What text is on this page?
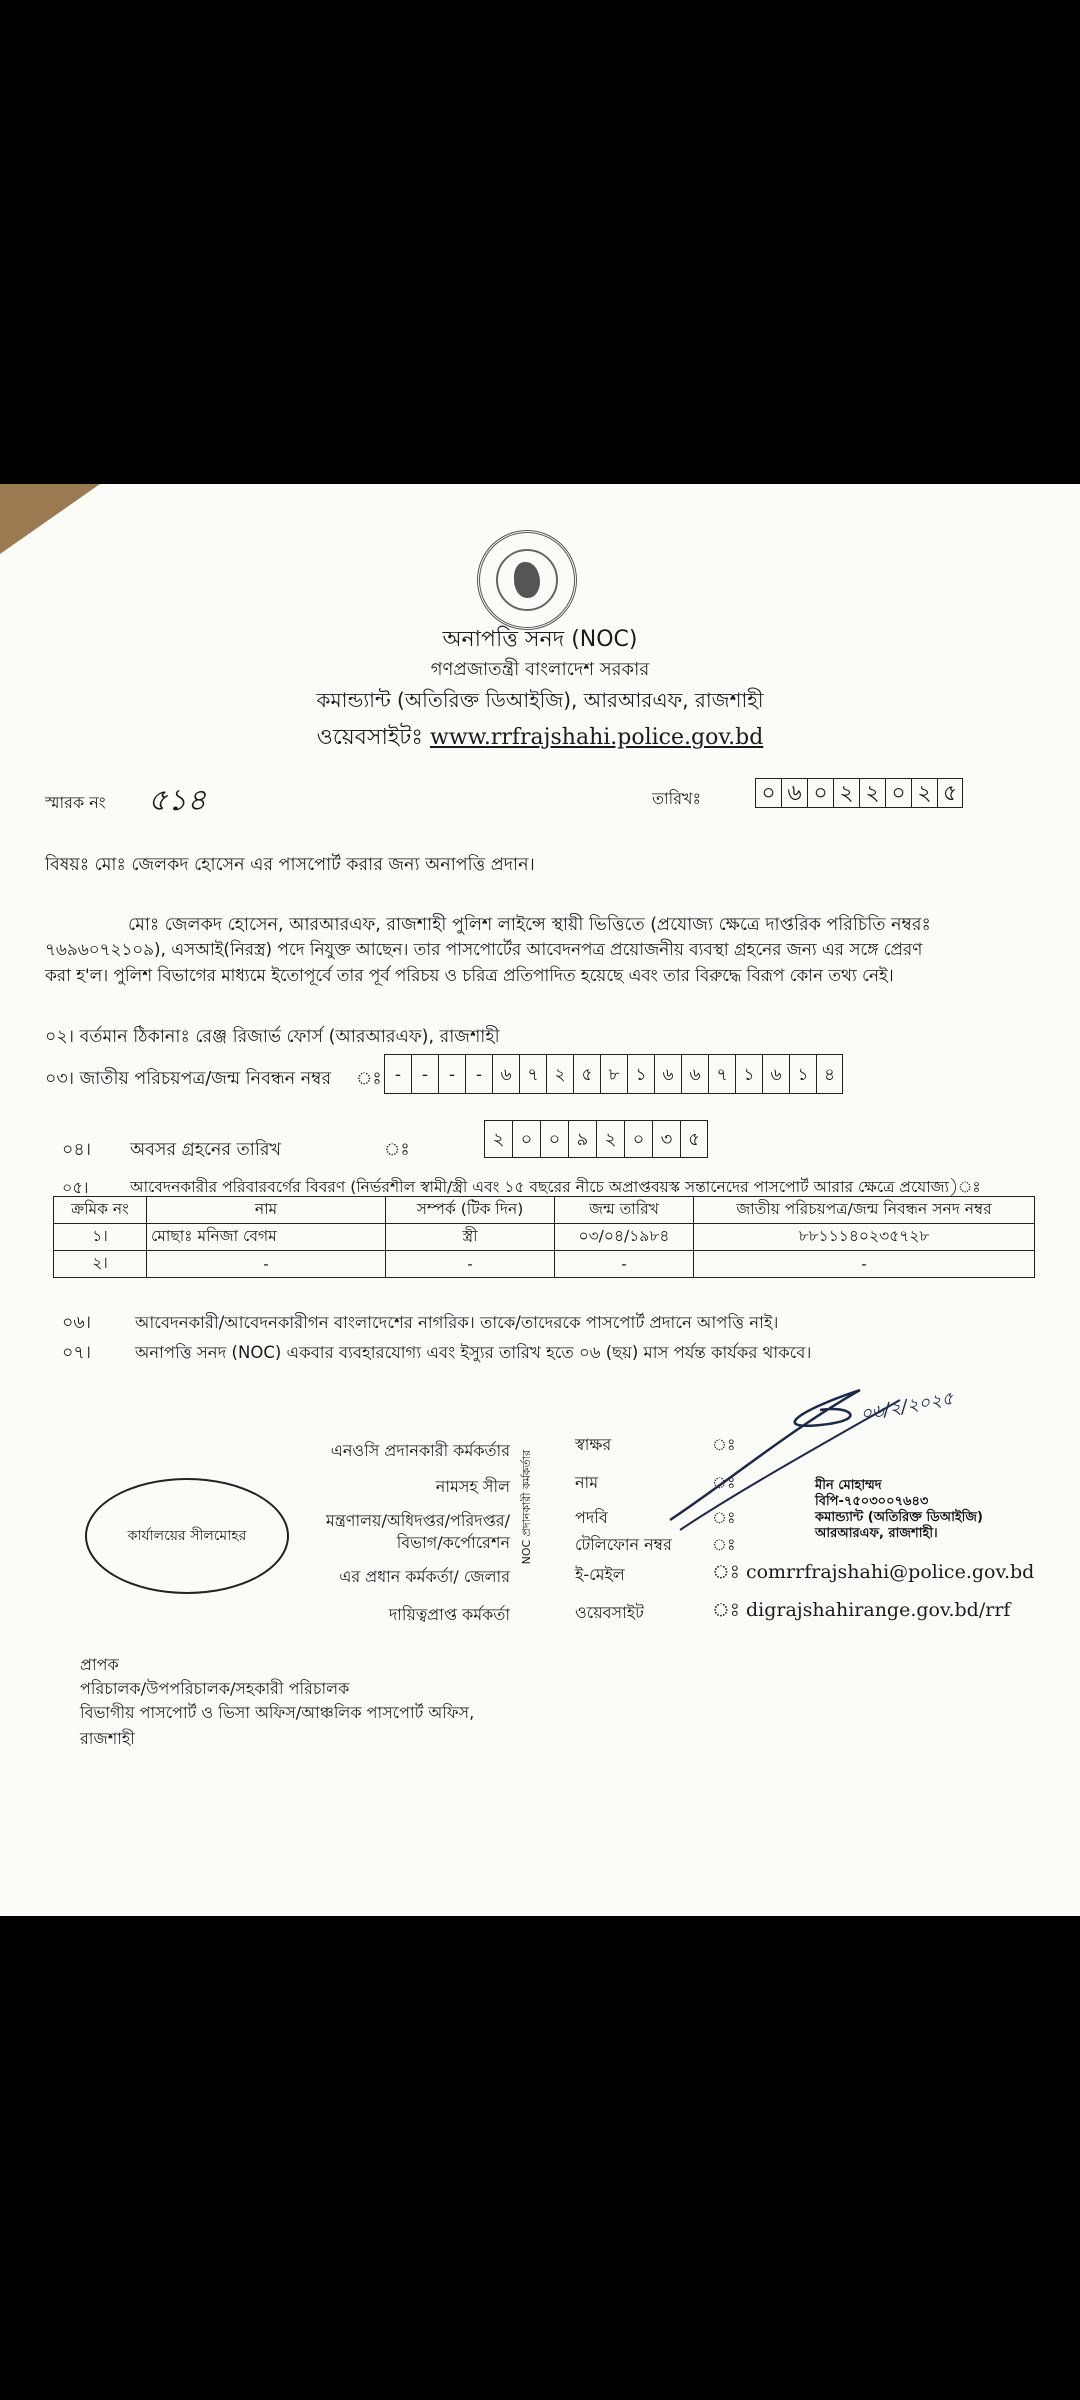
অনাপত্তি সনদ (NOC)
গণপ্রজাতন্ত্রী বাংলাদেশ সরকার
কমান্ড্যান্ট (অতিরিক্ত ডিআইজি), আরআরএফ, রাজশাহী
ওয়েবসাইটঃ www.rrfrajshahi.police.gov.bd
স্মারক নং ৫১৪	তারিখঃ	০ ৬ ০ ২ ২ ০ ২ ৫
বিষয়ঃ মোঃ জেলকদ হোসেন এর পাসপোর্ট করার জন্য অনাপত্তি প্রদান।
মোঃ জেলকদ হোসেন, আরআরএফ, রাজশাহী পুলিশ লাইন্সে স্থায়ী ভিত্তিতে (প্রযোজ্য ক্ষেত্রে দাপ্তরিক পরিচিতি নম্বরঃ
৭৬৯৬০৭২১০৯), এসআই(নিরস্ত্র) পদে নিযুক্ত আছেন। তার পাসপোর্টের আবেদনপত্র প্রয়োজনীয় ব্যবস্থা গ্রহনের জন্য এর সঙ্গে প্রেরণ
করা হ'ল। পুলিশ বিভাগের মাধ্যমে ইতোপূর্বে তার পূর্ব পরিচয় ও চরিত্র প্রতিপাদিত হয়েছে এবং তার বিরুদ্ধে বিরূপ কোন তথ্য নেই।
০২। বর্তমান ঠিকানাঃ রেঞ্জ রিজার্ভ ফোর্স (আরআরএফ), রাজশাহী
০৩। জাতীয় পরিচয়পত্র/জন্ম নিবন্ধন নম্বর ঃ -	-	-	-	৬ ৭ ২ ৫ ৮ ১ ৬ ৬ ৭ ১ ৬ ১ ৪
০৪। অবসর গ্রহনের তারিখ	ঃ	২ ০ ০ ৯ ২ ০ ৩ ৫
০৫।	আবেদনকারীর পরিবারবর্গের বিবরণ (নির্ভরশীল স্বামী/স্ত্রী এবং ১৫ বছরের নীচে অপ্রাপ্তবয়স্ক সন্তানেদের পাসপোর্ট আরার ক্ষেত্রে প্রযোজ্য)ঃ
ক্রমিক নং	নাম	সম্পর্ক (টিক দিন)	জন্ম তারিখ	জাতীয় পরিচয়পত্র/জন্ম নিবন্ধন সনদ নম্বর
১।	মোছাঃ মনিজা বেগম	স্ত্রী	০৩/০৪/১৯৮৪	৮৮১১১৪০২৩৫৭২৮
২।	-	-	-	-
০৬।	আবেদনকারী/আবেদনকারীগন বাংলাদেশের নাগরিক। তাকে/তাদেরকে পাসপোর্ট প্রদানে আপত্তি নাই।
০৭।	অনাপত্তি সনদ (NOC) একবার ব্যবহারযোগ্য এবং ইস্যুর তারিখ হতে ০৬ (ছয়) মাস পর্যন্ত কার্যকর থাকবে।
কার্যালয়ের সীলমোহর
এনওসি প্রদানকারী কর্মকর্তার
নামসহ সীল
মন্ত্রণালয়/অধিদপ্তর/পরিদপ্তর/
বিভাগ/কর্পোরেশন
এর প্রধান কর্মকর্তা/ জেলার
দায়িত্বপ্রাপ্ত কর্মকর্তা
NOC প্রদানকারী কর্মকর্তার
স্বাক্ষর	ঃ
নাম	ঃ
পদবি	ঃ
টেলিফোন নম্বর	ঃ
ই-মেইল	ঃ comrrfrajshahi@police.gov.bd
ওয়েবসাইট	ঃ digrajshahirange.gov.bd/rrf
০৬/২/২০২৫
মীন মোহাম্মদ
বিপি-৭৫০৩০০৭৬৪৩
কমান্ড্যান্ট (অতিরিক্ত ডিআইজি)
আরআরএফ, রাজশাহী।
প্রাপক
পরিচালক/উপপরিচালক/সহকারী পরিচালক
বিভাগীয় পাসপোর্ট ও ভিসা অফিস/আঞ্চলিক পাসপোর্ট অফিস,
রাজশাহী
